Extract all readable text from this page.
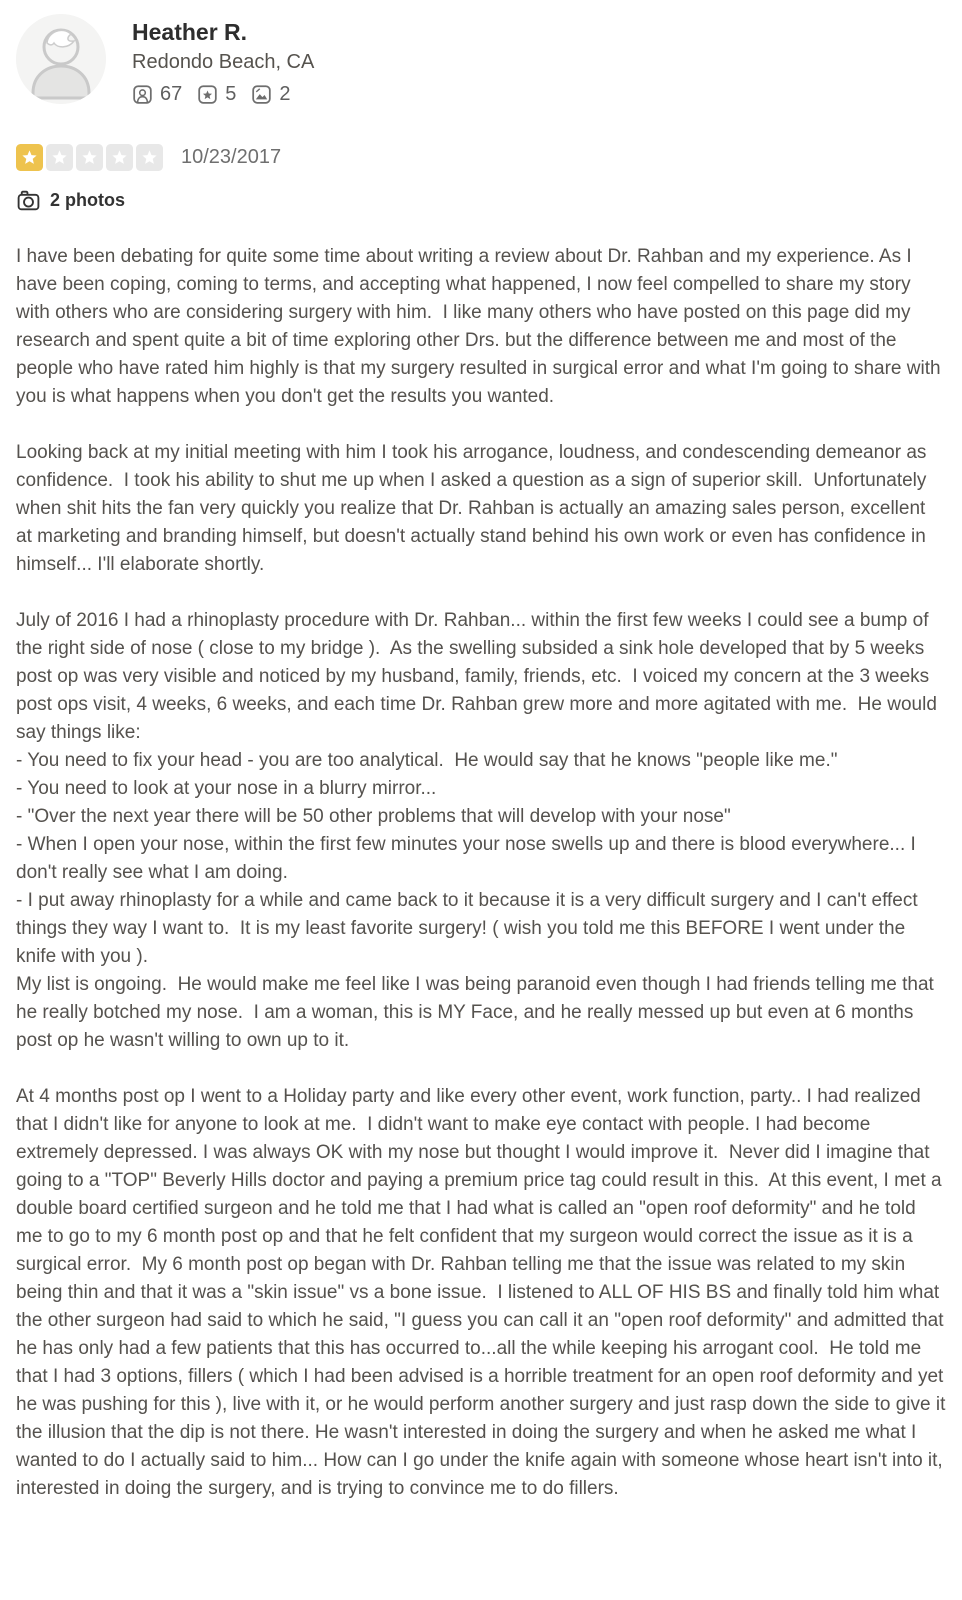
Heather R.
Redondo Beach, CA
67 5 2
10/23/2017
2 photos

I have been debating for quite some time about writing a review about Dr. Rahban and my experience. As I have been coping, coming to terms, and accepting what happened, I now feel compelled to share my story with others who are considering surgery with him.  I like many others who have posted on this page did my research and spent quite a bit of time exploring other Drs. but the difference between me and most of the people who have rated him highly is that my surgery resulted in surgical error and what I'm going to share with you is what happens when you don't get the results you wanted.

Looking back at my initial meeting with him I took his arrogance, loudness, and condescending demeanor as confidence.  I took his ability to shut me up when I asked a question as a sign of superior skill.  Unfortunately when shit hits the fan very quickly you realize that Dr. Rahban is actually an amazing sales person, excellent at marketing and branding himself, but doesn't actually stand behind his own work or even has confidence in himself... I'll elaborate shortly.

July of 2016 I had a rhinoplasty procedure with Dr. Rahban... within the first few weeks I could see a bump of the right side of nose ( close to my bridge ).  As the swelling subsided a sink hole developed that by 5 weeks post op was very visible and noticed by my husband, family, friends, etc.  I voiced my concern at the 3 weeks post ops visit, 4 weeks, 6 weeks, and each time Dr. Rahban grew more and more agitated with me.  He would say things like:
- You need to fix your head - you are too analytical.  He would say that he knows "people like me."
- You need to look at your nose in a blurry mirror...
- "Over the next year there will be 50 other problems that will develop with your nose"
- When I open your nose, within the first few minutes your nose swells up and there is blood everywhere... I don't really see what I am doing.
- I put away rhinoplasty for a while and came back to it because it is a very difficult surgery and I can't effect things they way I want to.  It is my least favorite surgery! ( wish you told me this BEFORE I went under the knife with you ).
My list is ongoing.  He would make me feel like I was being paranoid even though I had friends telling me that he really botched my nose.  I am a woman, this is MY Face, and he really messed up but even at 6 months post op he wasn't willing to own up to it.

At 4 months post op I went to a Holiday party and like every other event, work function, party.. I had realized that I didn't like for anyone to look at me.  I didn't want to make eye contact with people. I had become extremely depressed. I was always OK with my nose but thought I would improve it.  Never did I imagine that going to a "TOP" Beverly Hills doctor and paying a premium price tag could result in this.  At this event, I met a double board certified surgeon and he told me that I had what is called an "open roof deformity" and he told me to go to my 6 month post op and that he felt confident that my surgeon would correct the issue as it is a surgical error.  My 6 month post op began with Dr. Rahban telling me that the issue was related to my skin being thin and that it was a "skin issue" vs a bone issue.  I listened to ALL OF HIS BS and finally told him what the other surgeon had said to which he said, "I guess you can call it an "open roof deformity" and admitted that he has only had a few patients that this has occurred to...all the while keeping his arrogant cool.  He told me that I had 3 options, fillers ( which I had been advised is a horrible treatment for an open roof deformity and yet he was pushing for this ), live with it, or he would perform another surgery and just rasp down the side to give it the illusion that the dip is not there. He wasn't interested in doing the surgery and when he asked me what I wanted to do I actually said to him... How can I go under the knife again with someone whose heart isn't into it, interested in doing the surgery, and is trying to convince me to do fillers.
